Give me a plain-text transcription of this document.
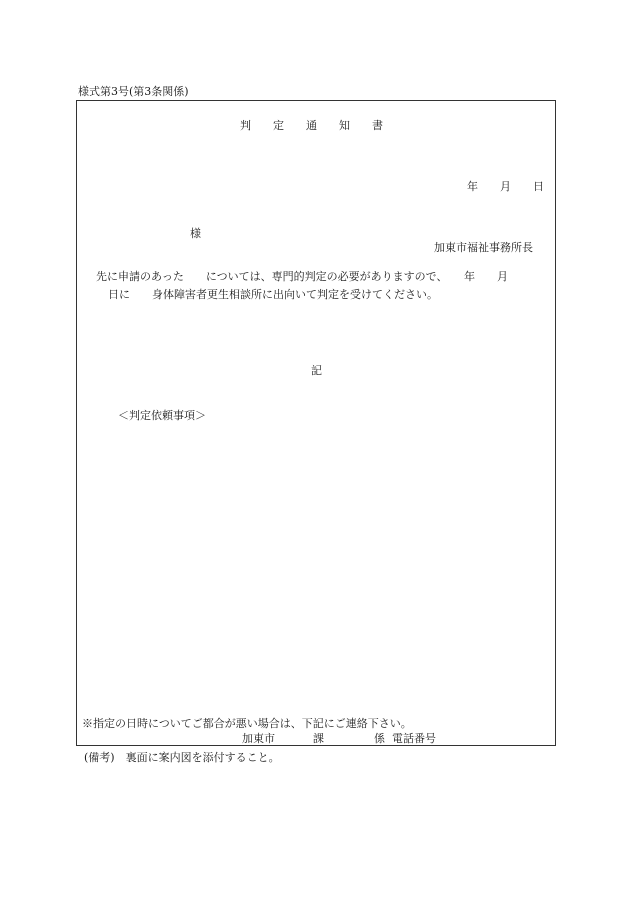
様式第3号(第3条関係)
判　　定　　通　　知　　書
年　　月　　日
様
加東市福祉事務所長
先に申請のあった　　については、専門的判定の必要がありますので、　　年　　月
日に　　身体障害者更生相談所に出向いて判定を受けてください。
記
＜判定依頼事項＞
※指定の日時についてご都合が悪い場合は、下記にご連絡下さい。
加東市	課	係 電話番号
(備考)　裏面に案内図を添付すること。
